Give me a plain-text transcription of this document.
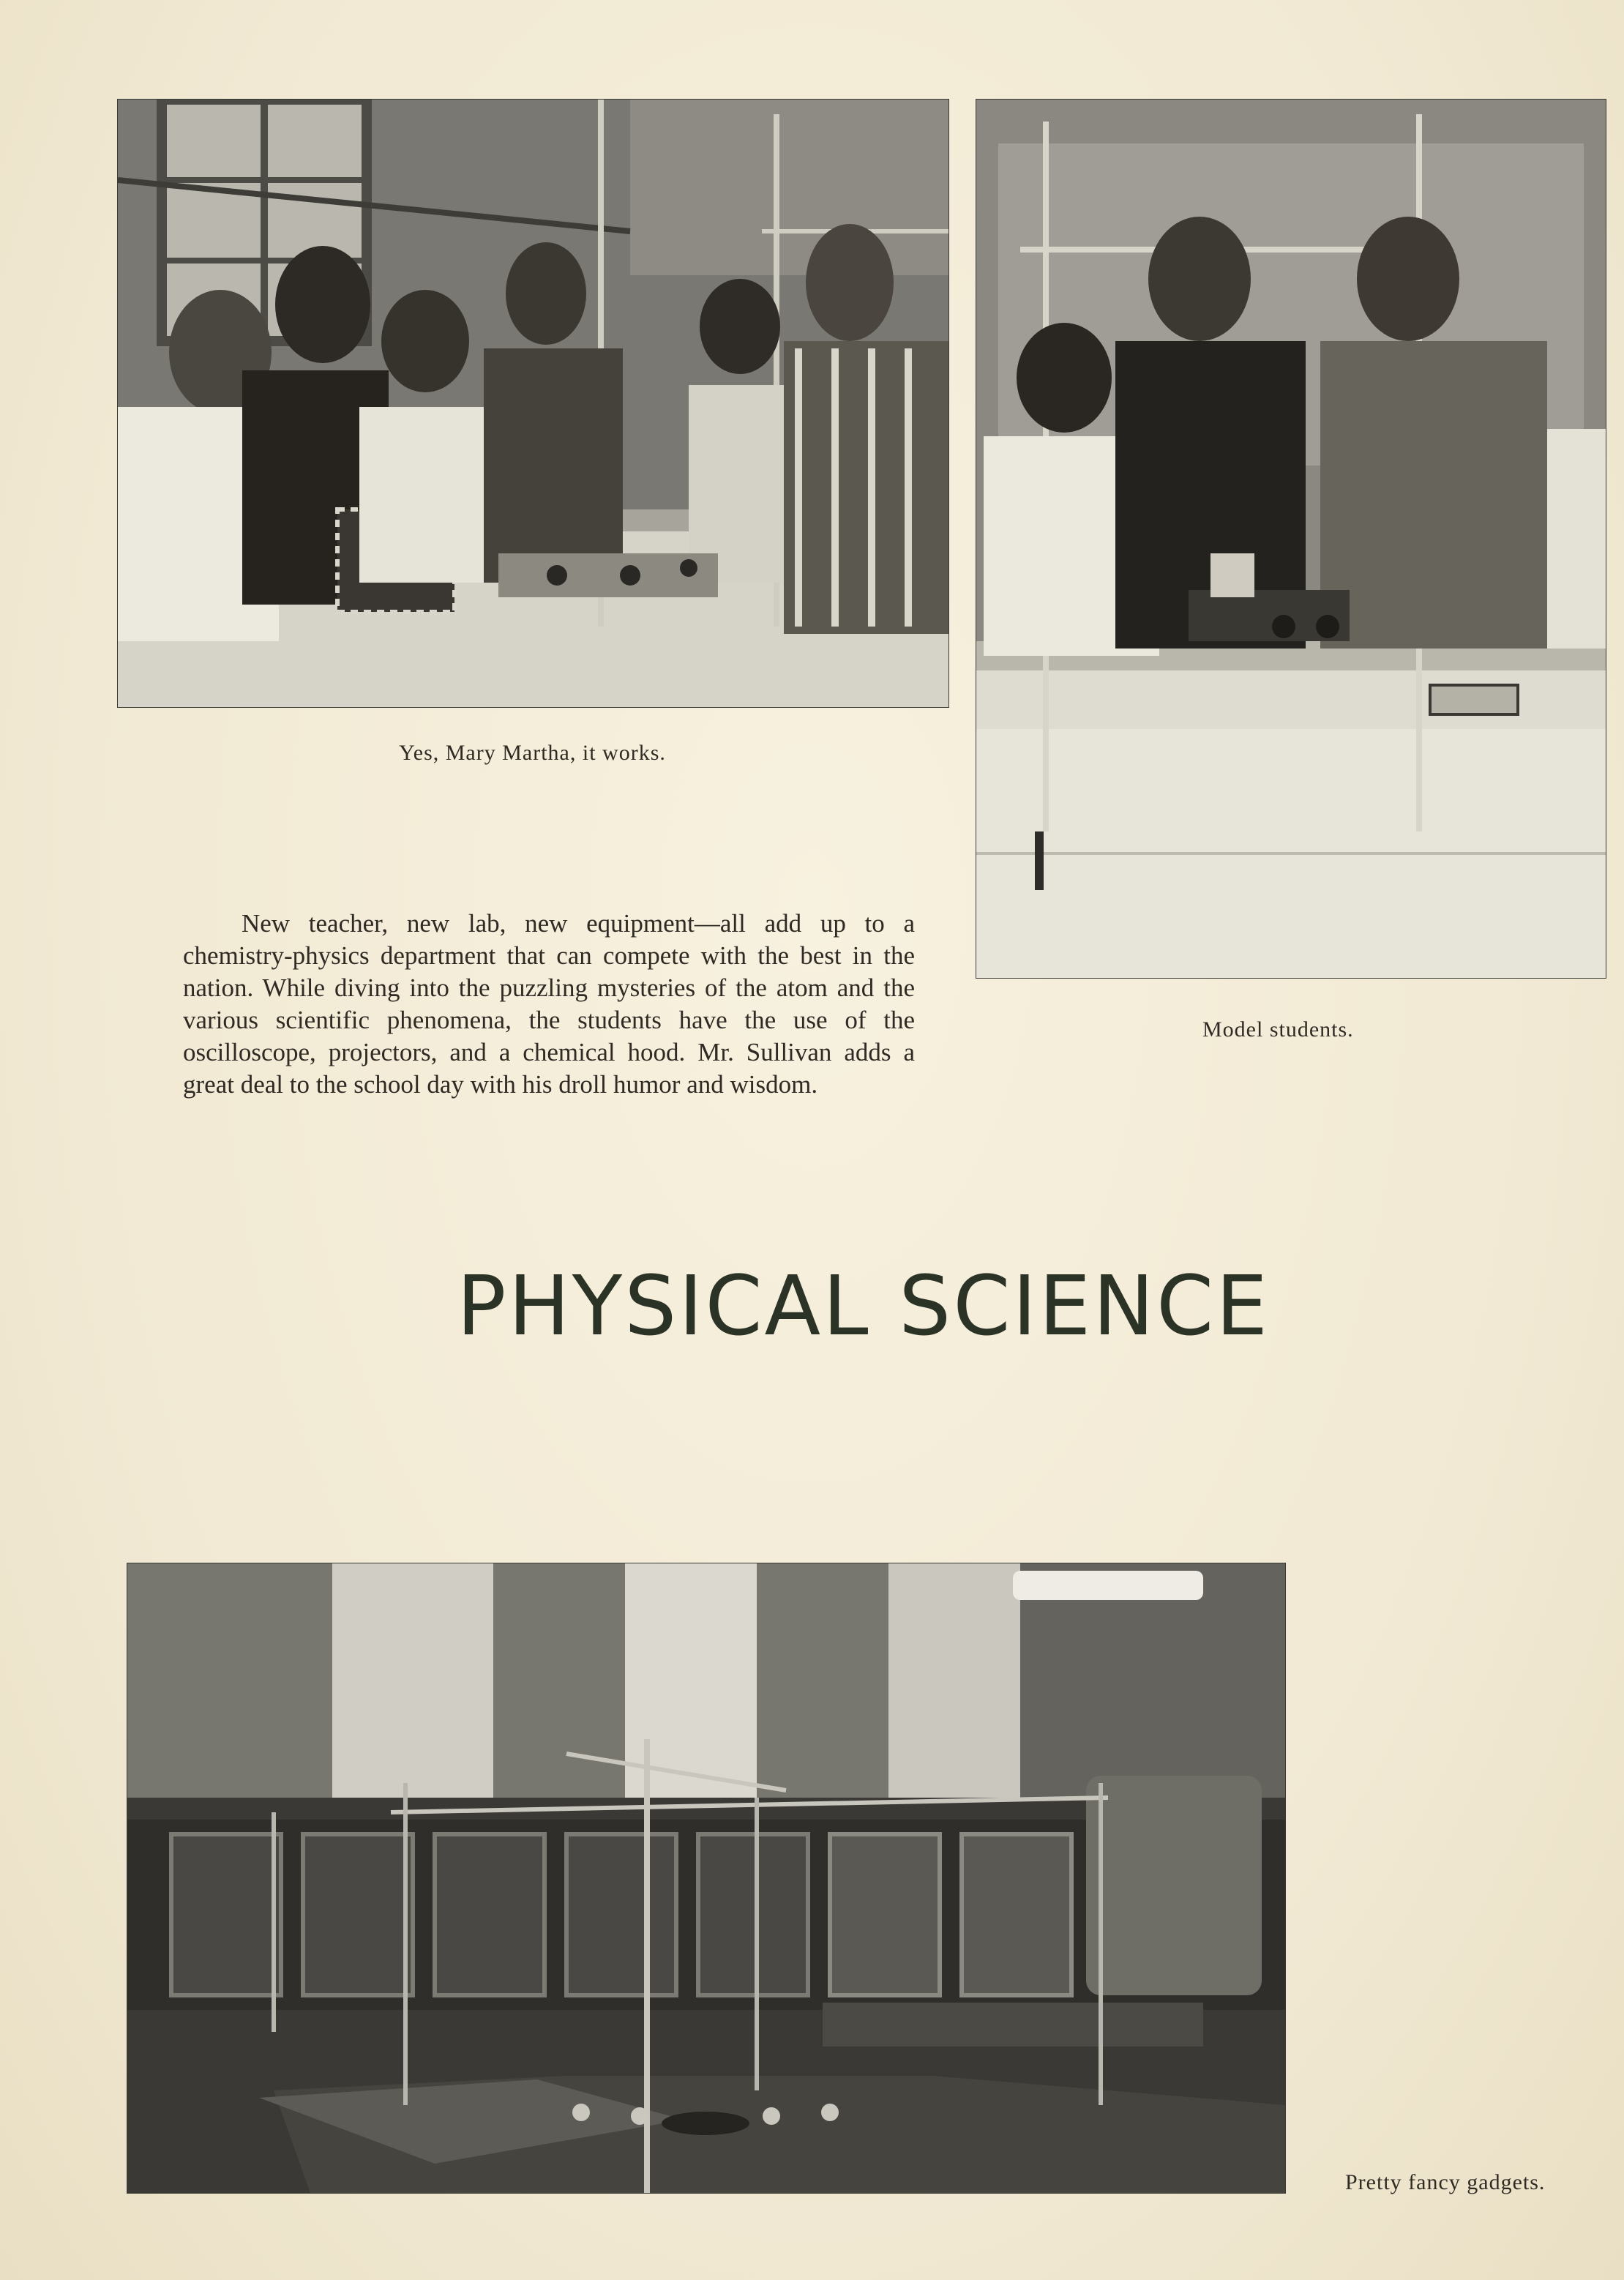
Yes, Mary Martha, it works.
Model students.

New teacher, new lab, new equipment—all add up to a chemistry-physics department that can compete with the best in the nation. While diving into the puzzling mysteries of the atom and the various scientific phenomena, the students have the use of the oscilloscope, projectors, and a chemical hood. Mr. Sullivan adds a great deal to the school day with his droll humor and wisdom.

PHYSICAL SCIENCE
Pretty fancy gadgets.
